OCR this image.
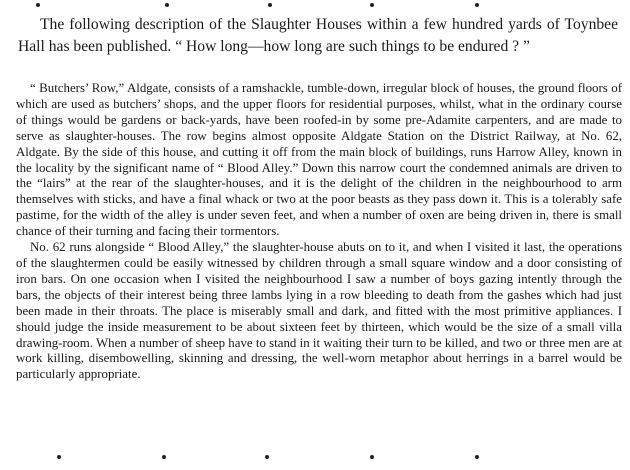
The following description of the Slaughter Houses within a few hundred yards of Toynbee Hall has been published. “ How long—how long are such things to be endured ? ”

“ Butchers’ Row,” Aldgate, consists of a ramshackle, tumble-down, irregular block of houses, the ground floors of which are used as butchers’ shops, and the upper floors for residential purposes, whilst, what in the ordinary course of things would be gardens or back-yards, have been roofed-in by some pre-Adamite carpenters, and are made to serve as slaughter-houses. The row begins almost opposite Aldgate Station on the District Railway, at No. 62, Aldgate. By the side of this house, and cutting it off from the main block of buildings, runs Harrow Alley, known in the locality by the significant name of “ Blood Alley.” Down this narrow court the condemned animals are driven to the “lairs” at the rear of the slaughter-houses, and it is the delight of the children in the neighbourhood to arm themselves with sticks, and have a final whack or two at the poor beasts as they pass down it. This is a tolerably safe pastime, for the width of the alley is under seven feet, and when a number of oxen are being driven in, there is small chance of their turning and facing their tormentors.

No. 62 runs alongside “ Blood Alley,” the slaughter-house abuts on to it, and when I visited it last, the operations of the slaughtermen could be easily witnessed by children through a small square window and a door consisting of iron bars. On one occasion when I visited the neighbourhood I saw a number of boys gazing intently through the bars, the objects of their interest being three lambs lying in a row bleeding to death from the gashes which had just been made in their throats. The place is miserably small and dark, and fitted with the most primitive appliances. I should judge the inside measurement to be about sixteen feet by thirteen, which would be the size of a small villa drawing-room. When a number of sheep have to stand in it waiting their turn to be killed, and two or three men are at work killing, disembowelling, skinning and dressing, the well-worn metaphor about herrings in a barrel would be particularly appropriate.
